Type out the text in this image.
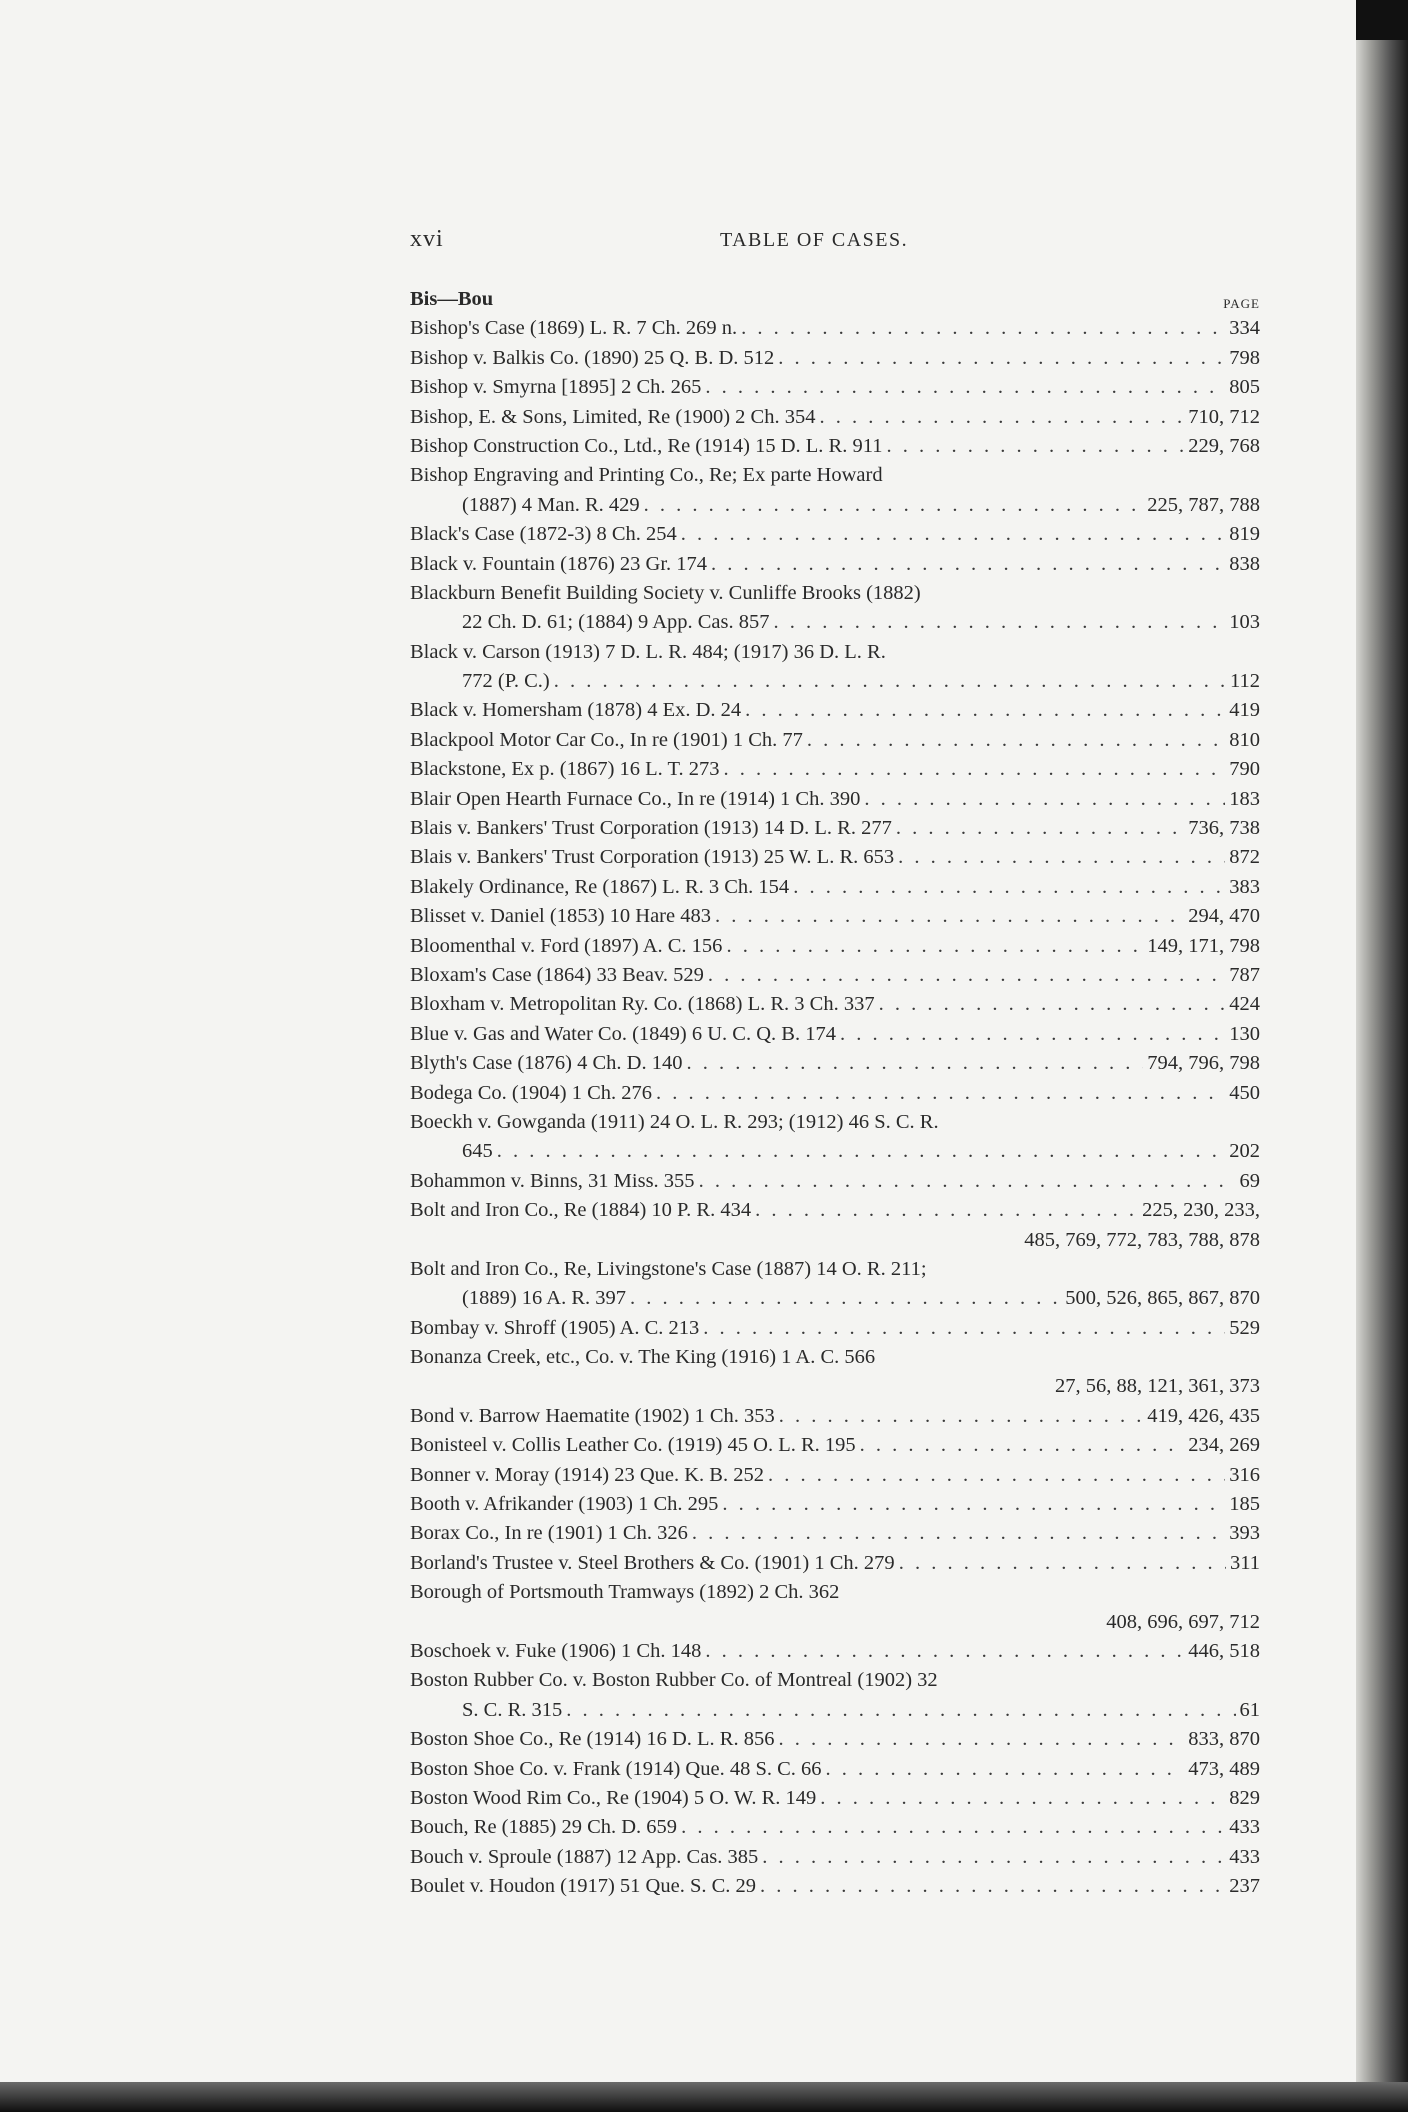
xvi	TABLE OF CASES.
Bis—Bou	PAGE
Bishop's Case (1869) L. R. 7 Ch. 269 n. . . .	334
Bishop v. Balkis Co. (1890) 25 Q. B. D. 512 . . .	798
Bishop v. Smyrna [1895] 2 Ch. 265 . . .	805
Bishop, E. & Sons, Limited, Re (1900) 2 Ch. 354 . . .	710, 712
Bishop Construction Co., Ltd., Re (1914) 15 D. L. R. 911 . . .	229, 768
Bishop Engraving and Printing Co., Re; Ex parte Howard
(1887) 4 Man. R. 429 . . .	225, 787, 788
Black's Case (1872-3) 8 Ch. 254 . . .	819
Black v. Fountain (1876) 23 Gr. 174 . . .	838
Blackburn Benefit Building Society v. Cunliffe Brooks (1882)
22 Ch. D. 61; (1884) 9 App. Cas. 857 . . .	103
Black v. Carson (1913) 7 D. L. R. 484; (1917) 36 D. L. R.
772 (P. C.) . . .	112
Black v. Homersham (1878) 4 Ex. D. 24 . . .	419
Blackpool Motor Car Co., In re (1901) 1 Ch. 77 . . .	810
Blackstone, Ex p. (1867) 16 L. T. 273 . . .	790
Blair Open Hearth Furnace Co., In re (1914) 1 Ch. 390 . . .	183
Blais v. Bankers' Trust Corporation (1913) 14 D. L. R. 277 . . .	736, 738
Blais v. Bankers' Trust Corporation (1913) 25 W. L. R. 653 . . .	872
Blakely Ordinance, Re (1867) L. R. 3 Ch. 154 . . .	383
Blisset v. Daniel (1853) 10 Hare 483 . . .	294, 470
Bloomenthal v. Ford (1897) A. C. 156 . . .	149, 171, 798
Bloxam's Case (1864) 33 Beav. 529 . . .	787
Bloxham v. Metropolitan Ry. Co. (1868) L. R. 3 Ch. 337 . . .	424
Blue v. Gas and Water Co. (1849) 6 U. C. Q. B. 174 . . .	130
Blyth's Case (1876) 4 Ch. D. 140 . . .	794, 796, 798
Bodega Co. (1904) 1 Ch. 276 . . .	450
Boeckh v. Gowganda (1911) 24 O. L. R. 293; (1912) 46 S. C. R.
645 . . .	202
Bohammon v. Binns, 31 Miss. 355 . . .	69
Bolt and Iron Co., Re (1884) 10 P. R. 434 . . .	225, 230, 233,
485, 769, 772, 783, 788, 878
Bolt and Iron Co., Re, Livingstone's Case (1887) 14 O. R. 211;
(1889) 16 A. R. 397 . . .	500, 526, 865, 867, 870
Bombay v. Shroff (1905) A. C. 213 . . .	529
Bonanza Creek, etc., Co. v. The King (1916) 1 A. C. 566
27, 56, 88, 121, 361, 373
Bond v. Barrow Haematite (1902) 1 Ch. 353 . . .	419, 426, 435
Bonisteel v. Collis Leather Co. (1919) 45 O. L. R. 195 . . .	234, 269
Bonner v. Moray (1914) 23 Que. K. B. 252 . . .	316
Booth v. Afrikander (1903) 1 Ch. 295 . . .	185
Borax Co., In re (1901) 1 Ch. 326 . . .	393
Borland's Trustee v. Steel Brothers & Co. (1901) 1 Ch. 279 . . .	311
Borough of Portsmouth Tramways (1892) 2 Ch. 362
408, 696, 697, 712
Boschoek v. Fuke (1906) 1 Ch. 148 . . .	446, 518
Boston Rubber Co. v. Boston Rubber Co. of Montreal (1902) 32
S. C. R. 315 . . .	61
Boston Shoe Co., Re (1914) 16 D. L. R. 856 . . .	833, 870
Boston Shoe Co. v. Frank (1914) Que. 48 S. C. 66 . . .	473, 489
Boston Wood Rim Co., Re (1904) 5 O. W. R. 149 . . .	829
Bouch, Re (1885) 29 Ch. D. 659 . . .	433
Bouch v. Sproule (1887) 12 App. Cas. 385 . . .	433
Boulet v. Houdon (1917) 51 Que. S. C. 29 . . .	237
